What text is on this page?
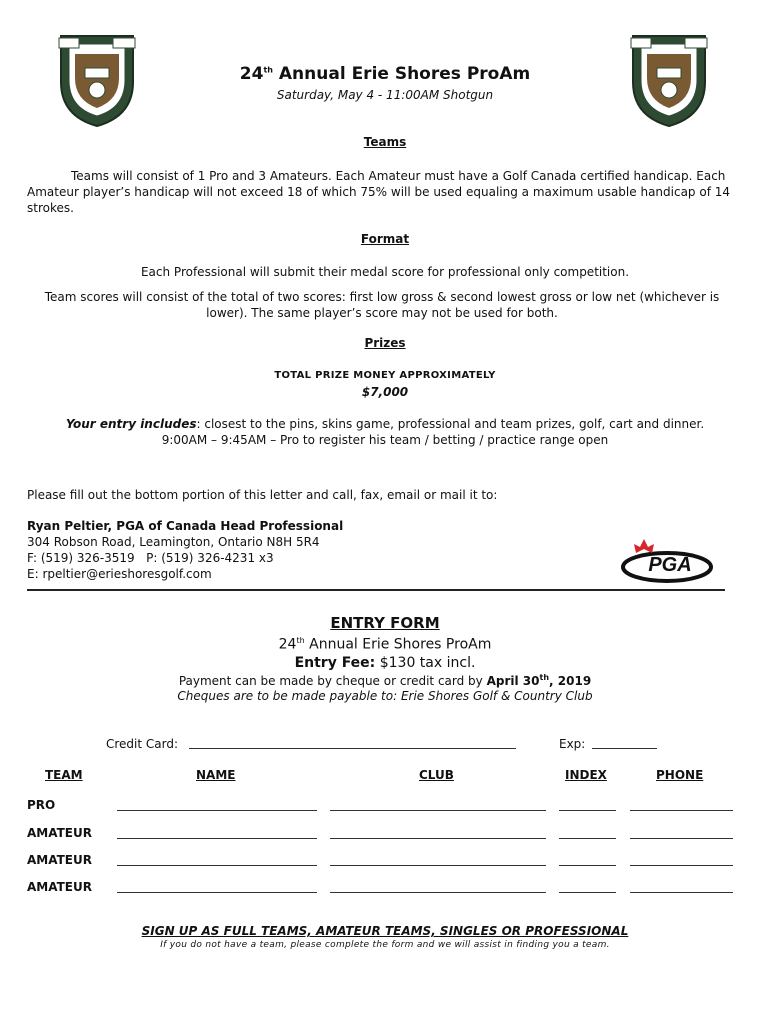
24th Annual Erie Shores ProAm
Saturday, May 4 - 11:00AM Shotgun
Teams
Teams will consist of 1 Pro and 3 Amateurs. Each Amateur must have a Golf Canada certified handicap. Each Amateur player’s handicap will not exceed 18 of which 75% will be used equaling a maximum usable handicap of 14 strokes.
Format
Each Professional will submit their medal score for professional only competition.
Team scores will consist of the total of two scores: first low gross & second lowest gross or low net (whichever is lower). The same player’s score may not be used for both.
Prizes
TOTAL PRIZE MONEY APPROXIMATELY
$7,000
Your entry includes: closest to the pins, skins game, professional and team prizes, golf, cart and dinner.
9:00AM – 9:45AM – Pro to register his team / betting / practice range open
Please fill out the bottom portion of this letter and call, fax, email or mail it to:
Ryan Peltier, PGA of Canada Head Professional
304 Robson Road, Leamington, Ontario N8H 5R4
F: (519) 326-3519   P: (519) 326-4231 x3
E: rpeltier@erieshoresgolf.com	PGA
ENTRY FORM
24th Annual Erie Shores ProAm
Entry Fee: $130 tax incl.
Payment can be made by cheque or credit card by April 30th, 2019
Cheques are to be made payable to: Erie Shores Golf & Country Club
Credit Card:	Exp:
TEAM	NAME	CLUB	INDEX	PHONE
PRO
AMATEUR
AMATEUR
AMATEUR
SIGN UP AS FULL TEAMS, AMATEUR TEAMS, SINGLES OR PROFESSIONAL
If you do not have a team, please complete the form and we will assist in finding you a team.
